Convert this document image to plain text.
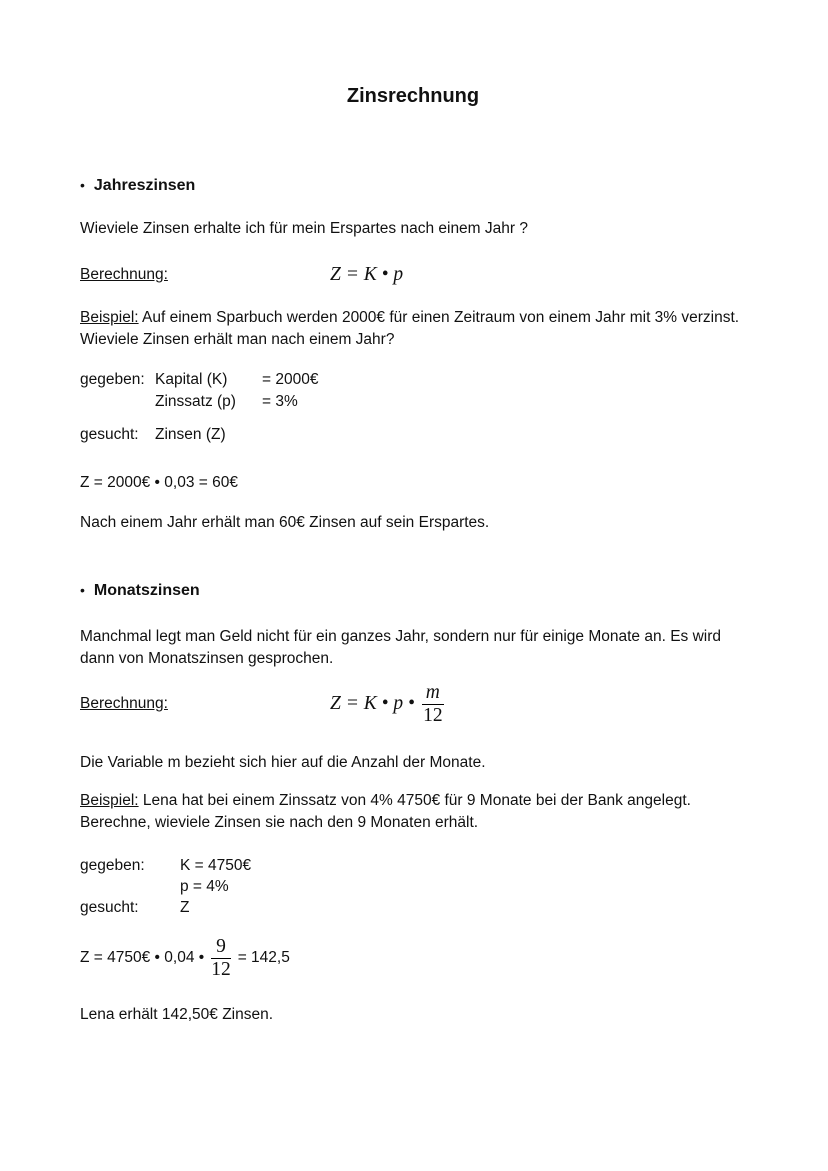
Zinsrechnung
• Jahreszinsen

Wieviele Zinsen erhalte ich für mein Erspartes nach einem Jahr ?

Berechnung:	Z = K • p

Beispiel: Auf einem Sparbuch werden 2000€ für einen Zeitraum von einem Jahr mit 3% verzinst. Wieviele Zinsen erhält man nach einem Jahr?

gegeben: Kapital (K)	= 2000€
Zinssatz (p)	= 3%
gesucht:	Zinsen (Z)

Z = 2000€ • 0,03 = 60€

Nach einem Jahr erhält man 60€ Zinsen auf sein Erspartes.

• Monatszinsen

Manchmal legt man Geld nicht für ein ganzes Jahr, sondern nur für einige Monate an. Es wird dann von Monatszinsen gesprochen.

Berechnung:	Z = K • p • $\frac{m}{12}$

Die Variable m bezieht sich hier auf die Anzahl der Monate.

Beispiel: Lena hat bei einem Zinssatz von 4% 4750€ für 9 Monate bei der Bank angelegt. Berechne, wieviele Zinsen sie nach den 9 Monaten erhält.

gegeben:	K = 4750€
p = 4%
gesucht:	Z
Z = 4750€ • 0,04 • $\frac{9}{12} = 142,5$

Lena erhält 142,50€ Zinsen.
